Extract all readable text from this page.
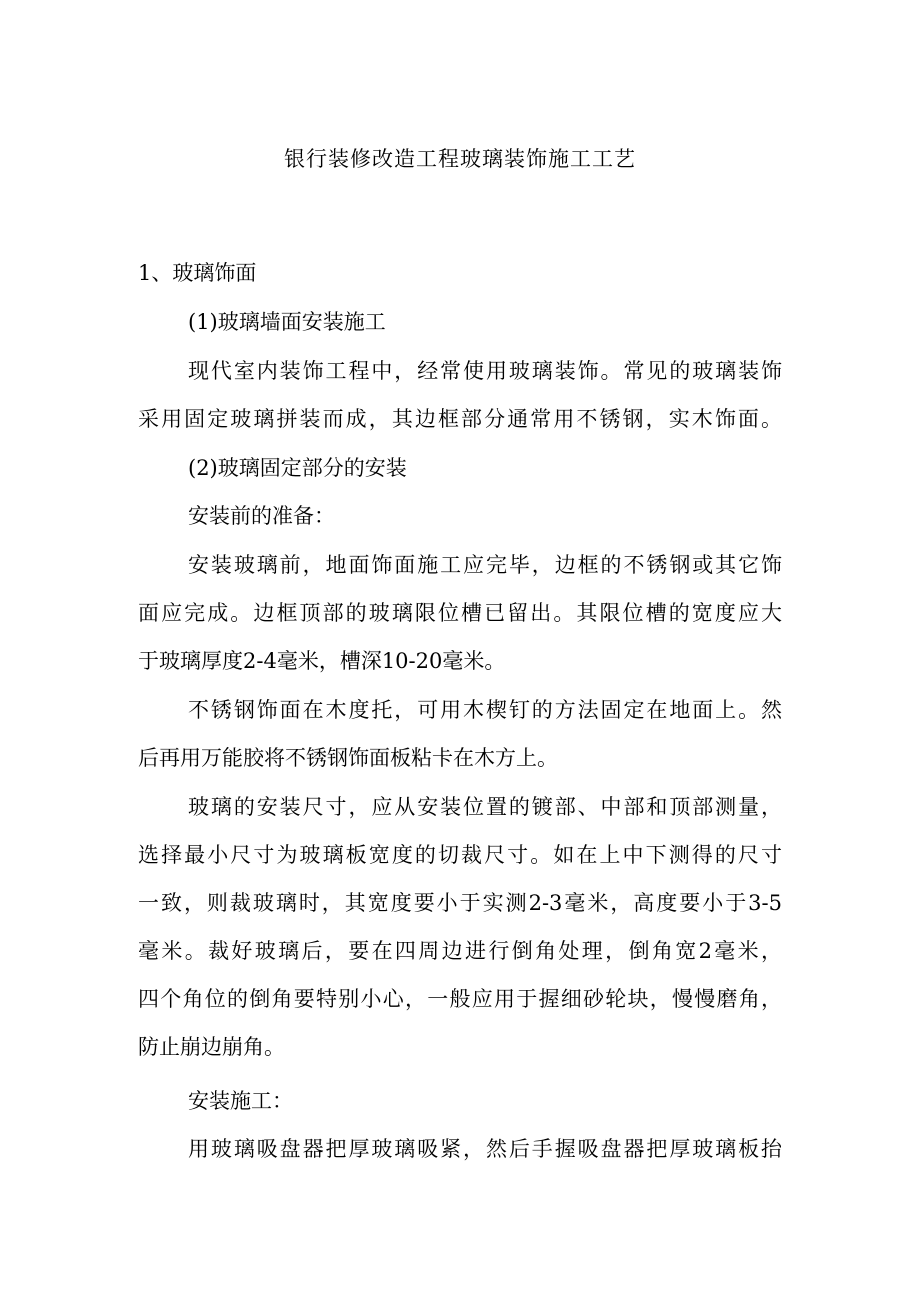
银行装修改造工程玻璃装饰施工工艺
1、玻璃饰面
(1)玻璃墙面安装施工
现代室内装饰工程中，经常使用玻璃装饰。常见的玻璃装饰
采用固定玻璃拼装而成，其边框部分通常用不锈钢，实木饰面。
(2)玻璃固定部分的安装
安装前的准备：
安装玻璃前，地面饰面施工应完毕，边框的不锈钢或其它饰
面应完成。边框顶部的玻璃限位槽已留出。其限位槽的宽度应大
于玻璃厚度2-4毫米，槽深10-20毫米。
不锈钢饰面在木度托，可用木楔钉的方法固定在地面上。然
后再用万能胶将不锈钢饰面板粘卡在木方上。
玻璃的安装尺寸，应从安装位置的镀部、中部和顶部测量，
选择最小尺寸为玻璃板宽度的切裁尺寸。如在上中下测得的尺寸
一致，则裁玻璃时，其宽度要小于实测2-3毫米，高度要小于3-5
毫米。裁好玻璃后，要在四周边进行倒角处理，倒角宽2毫米，
四个角位的倒角要特别小心，一般应用于握细砂轮块，慢慢磨角，
防止崩边崩角。
安装施工：
用玻璃吸盘器把厚玻璃吸紧，然后手握吸盘器把厚玻璃板抬
